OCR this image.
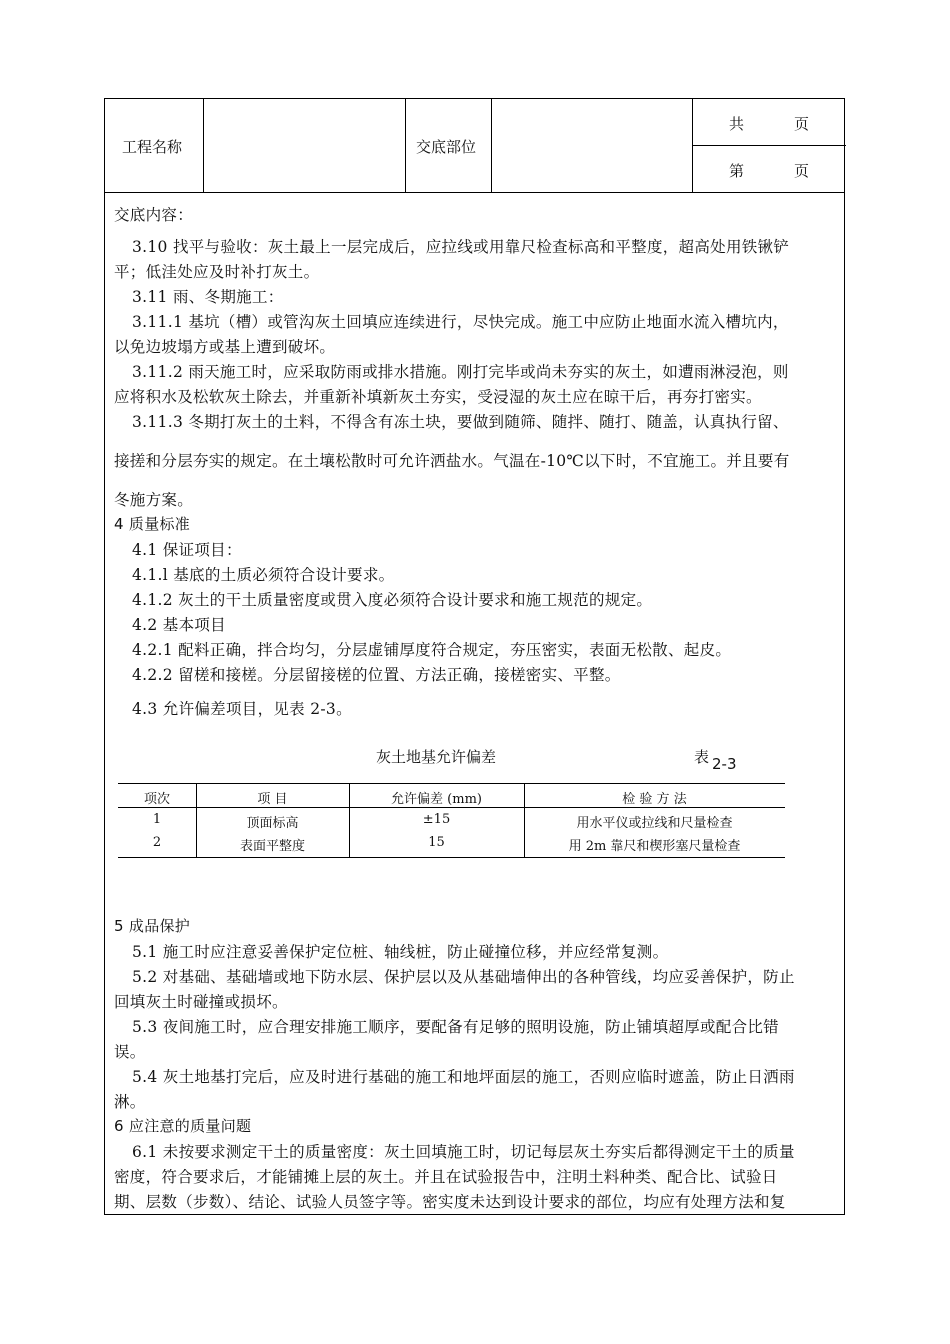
工程名称	交底部位
共	页
第	页
交底内容：
3.10 找平与验收：灰土最上一层完成后，应拉线或用靠尺检查标高和平整度，超高处用铁锹铲
平；低洼处应及时补打灰土。
3.11 雨、冬期施工：
3.11.1 基坑（槽）或管沟灰土回填应连续进行，尽快完成。施工中应防止地面水流入槽坑内，
以免边坡塌方或基上遭到破坏。
3.11.2 雨天施工时，应采取防雨或排水措施。刚打完毕或尚未夯实的灰土，如遭雨淋浸泡，则
应将积水及松软灰土除去，并重新补填新灰土夯实，受浸湿的灰土应在晾干后，再夯打密实。
3.11.3 冬期打灰土的土料，不得含有冻土块，要做到随筛、随拌、随打、随盖，认真执行留、
接搓和分层夯实的规定。在土壤松散时可允许洒盐水。气温在-10℃以下时，不宜施工。并且要有
冬施方案。
4 质量标准
4.1 保证项目：
4.1.l 基底的土质必须符合设计要求。
4.1.2 灰土的干土质量密度或贯入度必须符合设计要求和施工规范的规定。
4.2 基本项目
4.2.1 配料正确，拌合均匀，分层虚铺厚度符合规定，夯压密实，表面无松散、起皮。
4.2.2 留槎和接槎。分层留接槎的位置、方法正确，接槎密实、平整。
4.3 允许偏差项目，见表 2-3。
灰土地基允许偏差	表 2-3
项次	项 目	允许偏差 (mm)	检 验 方 法
1	顶面标高	±15	用水平仪或拉线和尺量检查
2	表面平整度	15	用 2m 靠尺和楔形塞尺量检查
5 成品保护
5.1 施工时应注意妥善保护定位桩、轴线桩，防止碰撞位移，并应经常复测。
5.2 对基础、基础墙或地下防水层、保护层以及从基础墙伸出的各种管线，均应妥善保护，防止
回填灰土时碰撞或损坏。
5.3 夜间施工时，应合理安排施工顺序，要配备有足够的照明设施，防止铺填超厚或配合比错
误。
5.4 灰土地基打完后，应及时进行基础的施工和地坪面层的施工，否则应临时遮盖，防止日洒雨
淋。
6 应注意的质量问题
6.1 未按要求测定干土的质量密度：灰土回填施工时，切记每层灰土夯实后都得测定干土的质量
密度，符合要求后，才能铺摊上层的灰土。并且在试验报告中，注明土料种类、配合比、试验日
期、层数（步数）、结论、试验人员签字等。密实度未达到设计要求的部位，均应有处理方法和复
